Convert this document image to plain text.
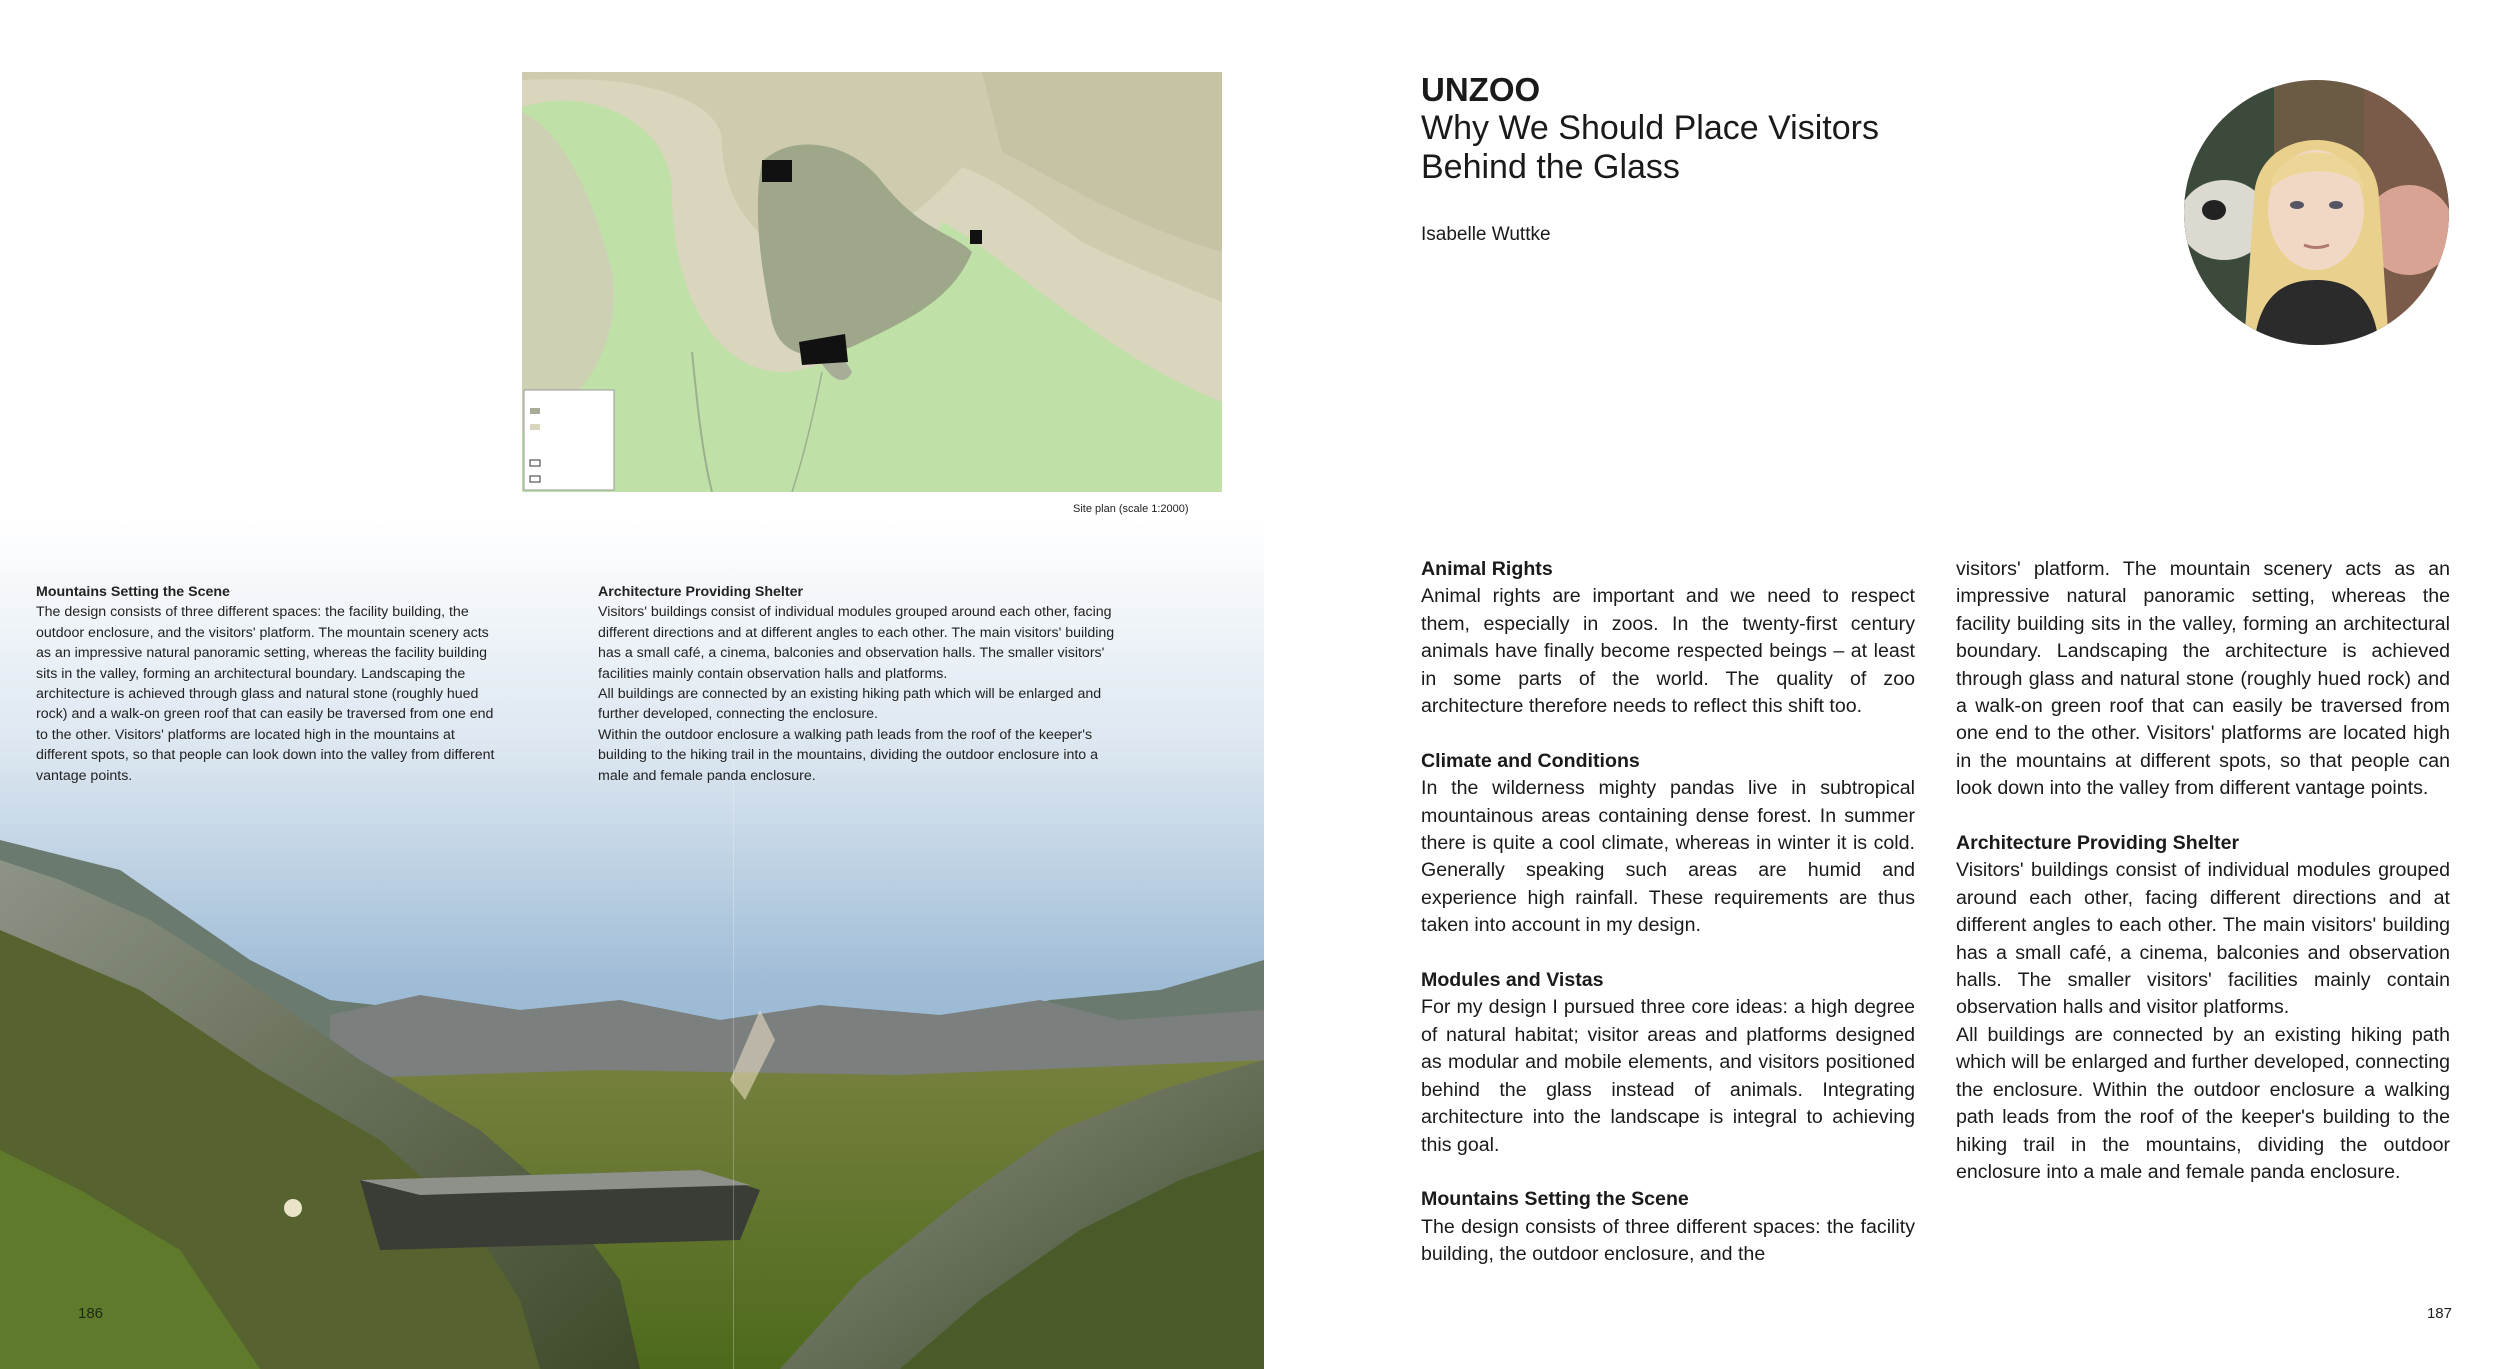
Site plan (scale 1:2000)
Mountains Setting the Scene

The design consists of three different spaces: the facility building, the outdoor enclosure, and the visitors' platform. The mountain scenery acts as an impressive natural panoramic setting, whereas the facility building sits in the valley, forming an architectural boundary. Landscaping the architecture is achieved through glass and natural stone (roughly hued rock) and a walk-on green roof that can easily be traversed from one end to the other. Visitors' platforms are located high in the mountains at different spots, so that people can look down into the valley from different vantage points.

Architecture Providing Shelter

Visitors' buildings consist of individual modules grouped around each other, facing different directions and at different angles to each other. The main visitors' building has a small café, a cinema, balconies and observation halls. The smaller visitors' facilities mainly contain observation halls and platforms.

All buildings are connected by an existing hiking path which will be enlarged and further developed, connecting the enclosure.

Within the outdoor enclosure a walking path leads from the roof of the keeper's building to the hiking trail in the mountains, dividing the outdoor enclosure into a male and female panda enclosure.

186
UNZOO
Why We Should Place Visitors Behind the Glass
Isabelle Wuttke
Animal Rights

Animal rights are important and we need to respect them, especially in zoos. In the twenty-first century animals have finally become respected beings – at least in some parts of the world. The quality of zoo architecture therefore needs to reflect this shift too.

Climate and Conditions

In the wilderness mighty pandas live in subtropical mountainous areas containing dense forest. In summer there is quite a cool climate, whereas in winter it is cold. Generally speaking such areas are humid and experience high rainfall. These requirements are thus taken into account in my design.

Modules and Vistas

For my design I pursued three core ideas: a high degree of natural habitat; visitor areas and platforms designed as modular and mobile elements, and visitors positioned behind the glass instead of animals. Integrating architecture into the landscape is integral to achieving this goal.

Mountains Setting the Scene

The design consists of three different spaces: the facility building, the outdoor enclosure, and the

visitors' platform. The mountain scenery acts as an impressive natural panoramic setting, whereas the facility building sits in the valley, forming an architectural boundary. Landscaping the architecture is achieved through glass and natural stone (roughly hued rock) and a walk-on green roof that can easily be traversed from one end to the other. Visitors' platforms are located high in the mountains at different spots, so that people can look down into the valley from different vantage points.

Architecture Providing Shelter

Visitors' buildings consist of individual modules grouped around each other, facing different directions and at different angles to each other. The main visitors' building has a small café, a cinema, balconies and observation halls. The smaller visitors' facilities mainly contain observation halls and visitor platforms.

All buildings are connected by an existing hiking path which will be enlarged and further developed, connecting the enclosure. Within the outdoor enclosure a walking path leads from the roof of the keeper's building to the hiking trail in the mountains, dividing the outdoor enclosure into a male and female panda enclosure.

187
